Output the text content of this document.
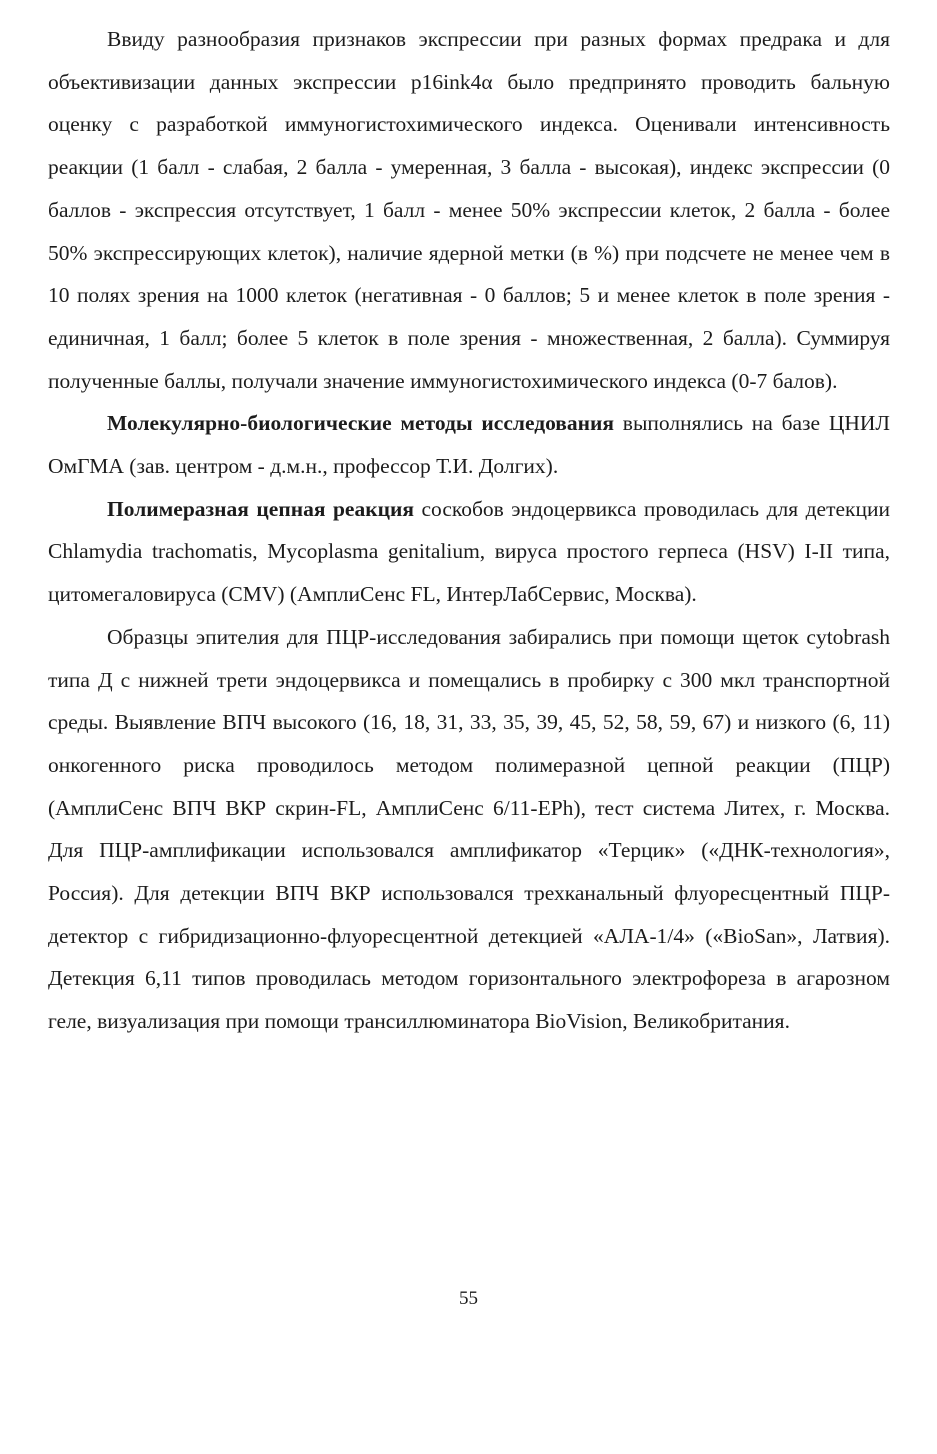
Ввиду разнообразия признаков экспрессии при разных формах предрака и для объективизации данных экспрессии p16ink4α было предпринято проводить бальную оценку с разработкой иммуногистохимического индекса. Оценивали интенсивность реакции (1 балл - слабая, 2 балла - умеренная, 3 балла - высокая), индекс экспрессии (0 баллов - экспрессия отсутствует, 1 балл - менее 50% экспрессии клеток, 2 балла - более 50% экспрессирующих клеток), наличие ядерной метки (в %) при подсчете не менее чем в 10 полях зрения на 1000 клеток (негативная - 0 баллов; 5 и менее клеток в поле зрения - единичная, 1 балл; более 5 клеток в поле зрения - множественная, 2 балла). Суммируя полученные баллы, получали значение иммуногистохимического индекса (0-7 балов).

Молекулярно-биологические методы исследования выполнялись на базе ЦНИЛ ОмГМА (зав. центром - д.м.н., профессор Т.И. Долгих).

Полимеразная цепная реакция соскобов эндоцервикса проводилась для детекции Chlamydia trachomatis, Mycoplasma genitalium, вируса простого герпеса (HSV) I-II типа, цитомегаловируса (CMV) (АмплиСенс FL, ИнтерЛабСервис, Москва).

Образцы эпителия для ПЦР-исследования забирались при помощи щеток cytobrash типа Д с нижней трети эндоцервикса и помещались в пробирку с 300 мкл транспортной среды. Выявление ВПЧ высокого (16, 18, 31, 33, 35, 39, 45, 52, 58, 59, 67) и низкого (6, 11) онкогенного риска проводилось методом полимеразной цепной реакции (ПЦР) (АмплиСенс ВПЧ ВКР скрин-FL, АмплиСенс 6/11-EPh), тест система Литех, г. Москва. Для ПЦР-амплификации использовался амплификатор «Терцик» («ДНК-технология», Россия). Для детекции ВПЧ ВКР использовался трехканальный флуоресцентный ПЦР-детектор с гибридизационно-флуоресцентной детекцией «АЛА-1/4» («BioSan», Латвия). Детекция 6,11 типов проводилась методом горизонтального электрофореза в агарозном геле, визуализация при помощи трансиллюминатора BioVision, Великобритания.

55
